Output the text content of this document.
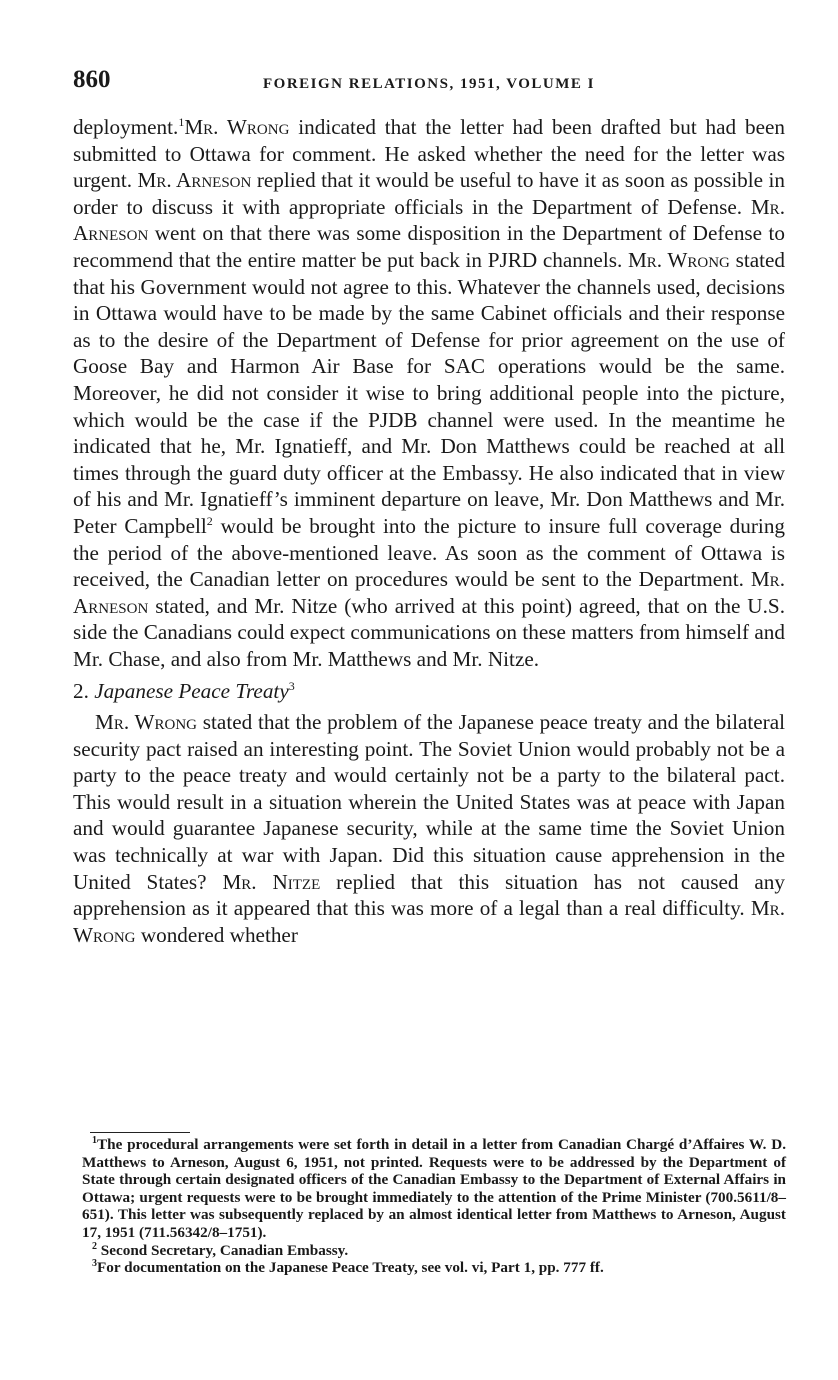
860	FOREIGN RELATIONS, 1951, VOLUME I

deployment.$^1$Mr. Wrong indicated that the letter had been drafted but had been submitted to Ottawa for comment. He asked whether the need for the letter was urgent. Mr. Arneson replied that it would be useful to have it as soon as possible in order to discuss it with appropriate officials in the Department of Defense. Mr. Arneson went on that there was some disposition in the Department of Defense to recommend that the entire matter be put back in PJRD channels. Mr. Wrong stated that his Government would not agree to this. Whatever the channels used, decisions in Ottawa would have to be made by the same Cabinet officials and their response as to the desire of the Department of Defense for prior agreement on the use of Goose Bay and Harmon Air Base for SAC operations would be the same. Moreover, he did not consider it wise to bring additional people into the picture, which would be the case if the PJDB channel were used. In the meantime he indicated that he, Mr. Ignatieff, and Mr. Don Matthews could be reached at all times through the guard duty officer at the Embassy. He also indicated that in view of his and Mr. Ignatieff’s imminent departure on leave, Mr. Don Matthews and Mr. Peter Campbell$^2$ would be brought into the picture to insure full coverage during the period of the above-mentioned leave. As soon as the comment of Ottawa is received, the Canadian letter on procedures would be sent to the Department. Mr. Arneson stated, and Mr. Nitze (who arrived at this point) agreed, that on the U.S. side the Canadians could expect communications on these matters from himself and Mr. Chase, and also from Mr. Matthews and Mr. Nitze.

2. Japanese Peace Treaty$^3$

Mr. Wrong stated that the problem of the Japanese peace treaty and the bilateral security pact raised an interesting point. The Soviet Union would probably not be a party to the peace treaty and would certainly not be a party to the bilateral pact. This would result in a situation wherein the United States was at peace with Japan and would guarantee Japanese security, while at the same time the Soviet Union was technically at war with Japan. Did this situation cause apprehension in the United States? Mr. Nitze replied that this situation has not caused any apprehension as it appeared that this was more of a legal than a real difficulty. Mr. Wrong wondered whether

$^1$The procedural arrangements were set forth in detail in a letter from Canadian Chargé d’Affaires W. D. Matthews to Arneson, August 6, 1951, not printed. Requests were to be addressed by the Department of State through certain designated officers of the Canadian Embassy to the Department of External Affairs in Ottawa; urgent requests were to be brought immediately to the attention of the Prime Minister (700.5611/8–651). This letter was subsequently replaced by an almost identical letter from Matthews to Arneson, August 17, 1951 (711.56342/8–1751).

$^2$ Second Secretary, Canadian Embassy.

$^3$For documentation on the Japanese Peace Treaty, see vol. vi, Part 1, pp. 777 ff.
